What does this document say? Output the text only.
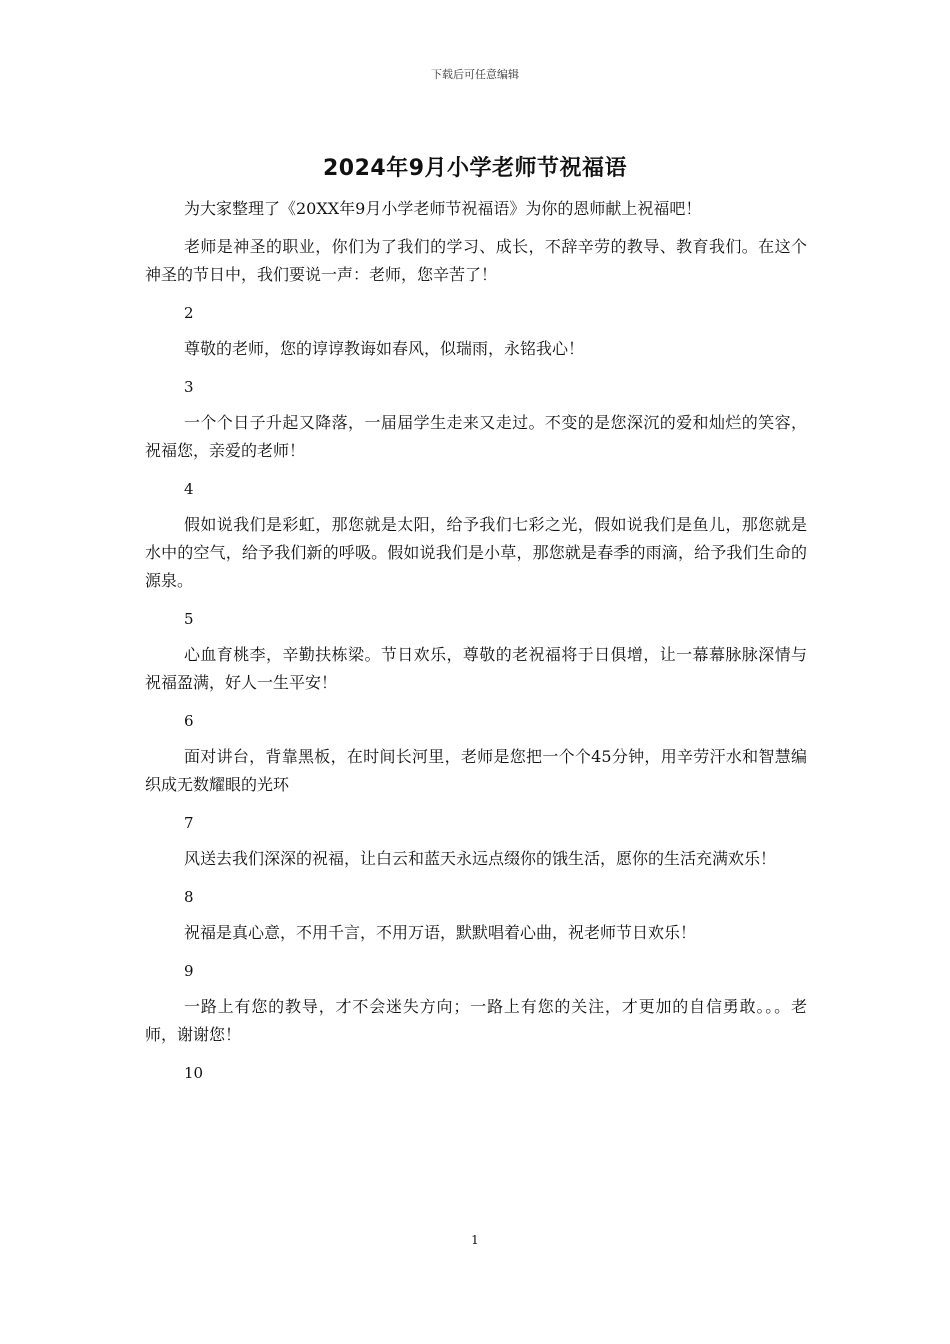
下载后可任意编辑
2024年9月小学老师节祝福语

为大家整理了《20XX年9月小学老师节祝福语》为你的恩师献上祝福吧！

老师是神圣的职业，你们为了我们的学习、成长，不辞辛劳的教导、教育我们。在这个神圣的节日中，我们要说一声：老师，您辛苦了！

2

尊敬的老师，您的谆谆教诲如春风，似瑞雨，永铭我心！

3

一个个日子升起又降落，一届届学生走来又走过。不变的是您深沉的爱和灿烂的笑容，祝福您，亲爱的老师！

4

假如说我们是彩虹，那您就是太阳，给予我们七彩之光，假如说我们是鱼儿，那您就是水中的空气，给予我们新的呼吸。假如说我们是小草，那您就是春季的雨滴，给予我们生命的源泉。

5

心血育桃李，辛勤扶栋梁。节日欢乐，尊敬的老祝福将于日俱增，让一幕幕脉脉深情与祝福盈满，好人一生平安！

6

面对讲台，背靠黑板，在时间长河里，老师是您把一个个45分钟，用辛劳汗水和智慧编织成无数耀眼的光环

7

风送去我们深深的祝福，让白云和蓝天永远点缀你的饿生活，愿你的生活充满欢乐！

8

祝福是真心意，不用千言，不用万语，默默唱着心曲，祝老师节日欢乐！

9

一路上有您的教导，才不会迷失方向；一路上有您的关注，才更加的自信勇敢。。。老师，谢谢您！

10
1
